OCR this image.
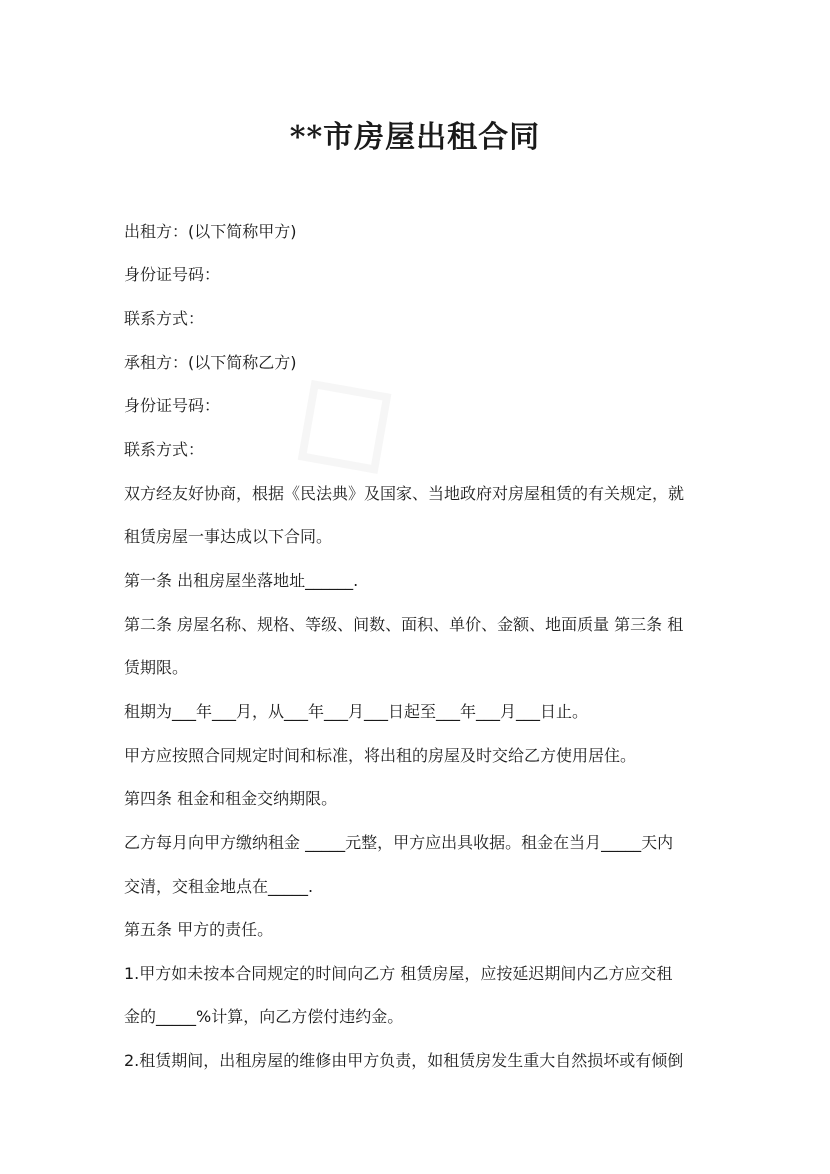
**市房屋出租合同
出租方：(以下简称甲方)
身份证号码：
联系方式：
承租方：(以下简称乙方)
身份证号码：
联系方式：
双方经友好协商，根据《民法典》及国家、当地政府对房屋租赁的有关规定，就
租赁房屋一事达成以下合同。
第一条 出租房屋坐落地址______.
第二条 房屋名称、规格、等级、间数、面积、单价、金额、地面质量 第三条 租
赁期限。
租期为___年___月，从___年___月___日起至___年___月___日止。
甲方应按照合同规定时间和标准，将出租的房屋及时交给乙方使用居住。
第四条 租金和租金交纳期限。
乙方每月向甲方缴纳租金 _____元整，甲方应出具收据。租金在当月_____天内
交清，交租金地点在_____.
第五条 甲方的责任。
1.甲方如未按本合同规定的时间向乙方 租赁房屋，应按延迟期间内乙方应交租
金的_____%计算，向乙方偿付违约金。
2.租赁期间，出租房屋的维修由甲方负责，如租赁房发生重大自然损坏或有倾倒
